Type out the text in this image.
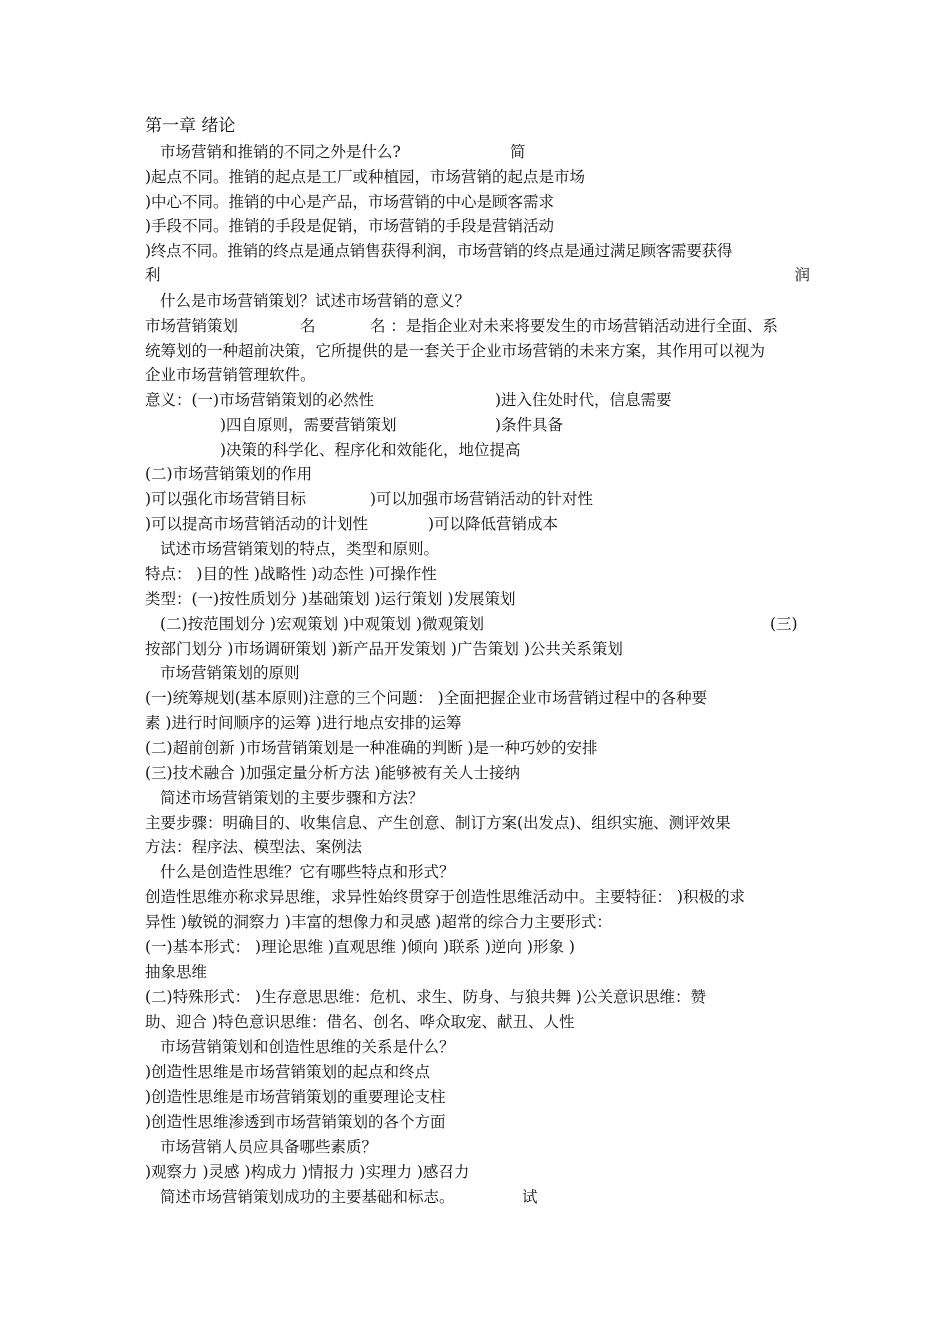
第一章 绪论
市场营销和推销的不同之外是什么?	简
)起点不同。推销的起点是工厂或种植园，市场营销的起点是市场
)中心不同。推销的中心是产品，市场营销的中心是顾客需求
)手段不同。推销的手段是促销，市场营销的手段是营销活动
)终点不同。推销的终点是通点销售获得利润，市场营销的终点是通过满足顾客需要获得
利	润
什么是市场营销策划？试述市场营销的意义？
市场营销策划	名	名 ：是指企业对未来将要发生的市场营销活动进行全面、系
统筹划的一种超前决策，它所提供的是一套关于企业市场营销的未来方案，其作用可以视为
企业市场营销管理软件。
意义：(一)市场营销策划的必然性	)进入住处时代，信息需要
)四自原则，需要营销策划	)条件具备
)决策的科学化、程序化和效能化，地位提高
(二)市场营销策划的作用
)可以强化市场营销目标	)可以加强市场营销活动的针对性
)可以提高市场营销活动的计划性	)可以降低营销成本
试述市场营销策划的特点，类型和原则。
特点： )目的性 )战略性 )动态性 )可操作性
类型：(一)按性质划分 )基础策划 )运行策划 )发展策划
(二)按范围划分 )宏观策划 )中观策划 )微观策划	(三)
按部门划分 )市场调研策划 )新产品开发策划 )广告策划 )公共关系策划
市场营销策划的原则
(一)统筹规划(基本原则)注意的三个问题： )全面把握企业市场营销过程中的各种要
素 )进行时间顺序的运筹 )进行地点安排的运筹
(二)超前创新 )市场营销策划是一种准确的判断 )是一种巧妙的安排
(三)技术融合 )加强定量分析方法 )能够被有关人士接纳
简述市场营销策划的主要步骤和方法？
主要步骤：明确目的、收集信息、产生创意、制订方案(出发点)、组织实施、测评效果
方法：程序法、模型法、案例法
什么是创造性思维？它有哪些特点和形式？
创造性思维亦称求异思维，求异性始终贯穿于创造性思维活动中。主要特征： )积极的求
异性 )敏锐的洞察力 )丰富的想像力和灵感 )超常的综合力主要形式：
(一)基本形式： )理论思维 )直观思维 )倾向 )联系 )逆向 )形象 )
抽象思维
(二)特殊形式： )生存意思思维：危机、求生、防身、与狼共舞 )公关意识思维：赞
助、迎合 )特色意识思维：借名、创名、哗众取宠、献丑、人性
市场营销策划和创造性思维的关系是什么？
)创造性思维是市场营销策划的起点和终点
)创造性思维是市场营销策划的重要理论支柱
)创造性思维渗透到市场营销策划的各个方面
市场营销人员应具备哪些素质？
)观察力 )灵感 )构成力 )情报力 )实理力 )感召力
简述市场营销策划成功的主要基础和标志。	试
